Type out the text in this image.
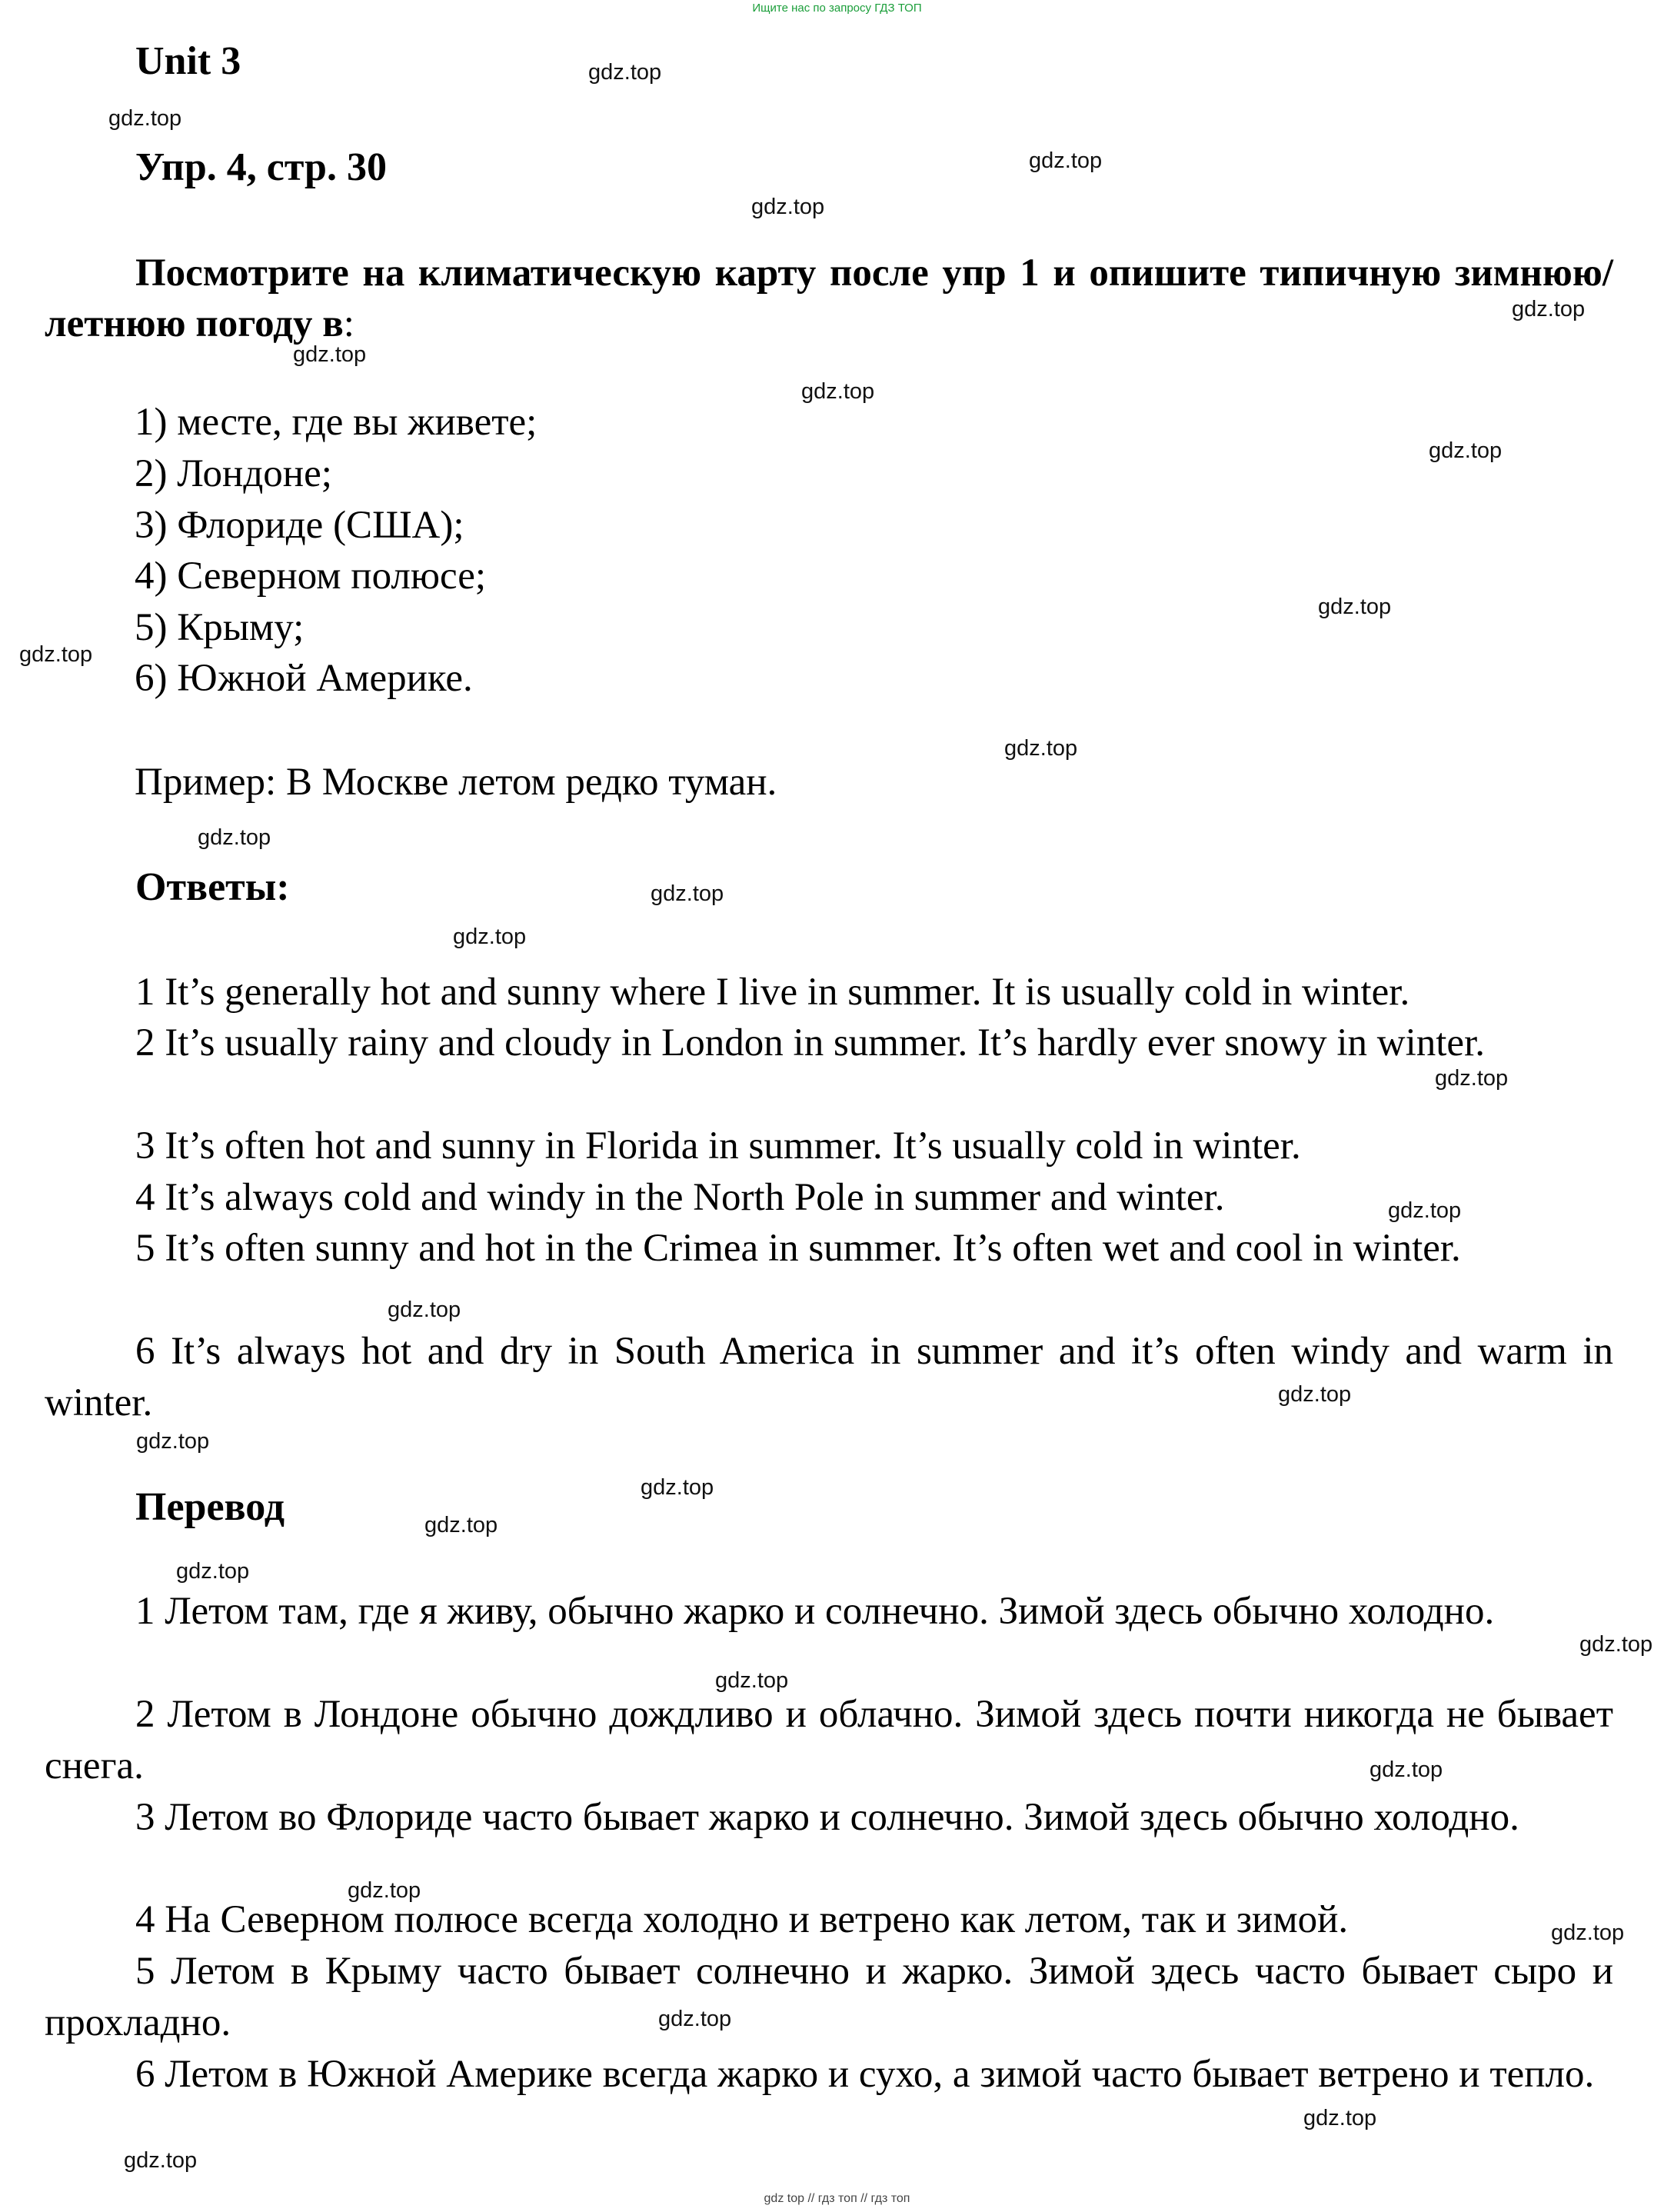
Ищите нас по запросу ГДЗ ТОП
Unit 3
Упр. 4, стр. 30
Посмотрите на климатическую карту после упр 1 и опишите типичную зимнюю/летнюю погоду в:
1) месте, где вы живете;
2) Лондоне;
3) Флориде (США);
4) Северном полюсе;
5) Крыму;
6) Южной Америке.
Пример: В Москве летом редко туман.
Ответы:

1 It’s generally hot and sunny where I live in summer. It is usually cold in winter.

2 It’s usually rainy and cloudy in London in summer. It’s hardly ever snowy in winter.

3 It’s often hot and sunny in Florida in summer. It’s usually cold in winter.

4 It’s always cold and windy in the North Pole in summer and winter.

5 It’s often sunny and hot in the Crimea in summer. It’s often wet and cool in winter.

6 It’s always hot and dry in South America in summer and it’s often windy and warm in winter.

Перевод

1 Летом там, где я живу, обычно жарко и солнечно. Зимой здесь обычно холодно.

2 Летом в Лондоне обычно дождливо и облачно. Зимой здесь почти никогда не бывает снега.

3 Летом во Флориде часто бывает жарко и солнечно. Зимой здесь обычно холодно.

4 На Северном полюсе всегда холодно и ветрено как летом, так и зимой.

5 Летом в Крыму часто бывает солнечно и жарко. Зимой здесь часто бывает сыро и прохладно.

6 Летом в Южной Америке всегда жарко и сухо, а зимой часто бывает ветрено и тепло.

gdz.top
gdz.top
gdz.top
gdz.top
gdz.top
gdz.top
gdz.top
gdz.top
gdz.top
gdz.top
gdz.top
gdz.top
gdz.top
gdz.top
gdz.top
gdz.top
gdz.top
gdz.top
gdz.top
gdz.top
gdz.top
gdz.top
gdz.top
gdz.top
gdz.top
gdz.top
gdz.top
gdz.top
gdz.top
gdz.top
gdz top // гдз топ // гдз топ
